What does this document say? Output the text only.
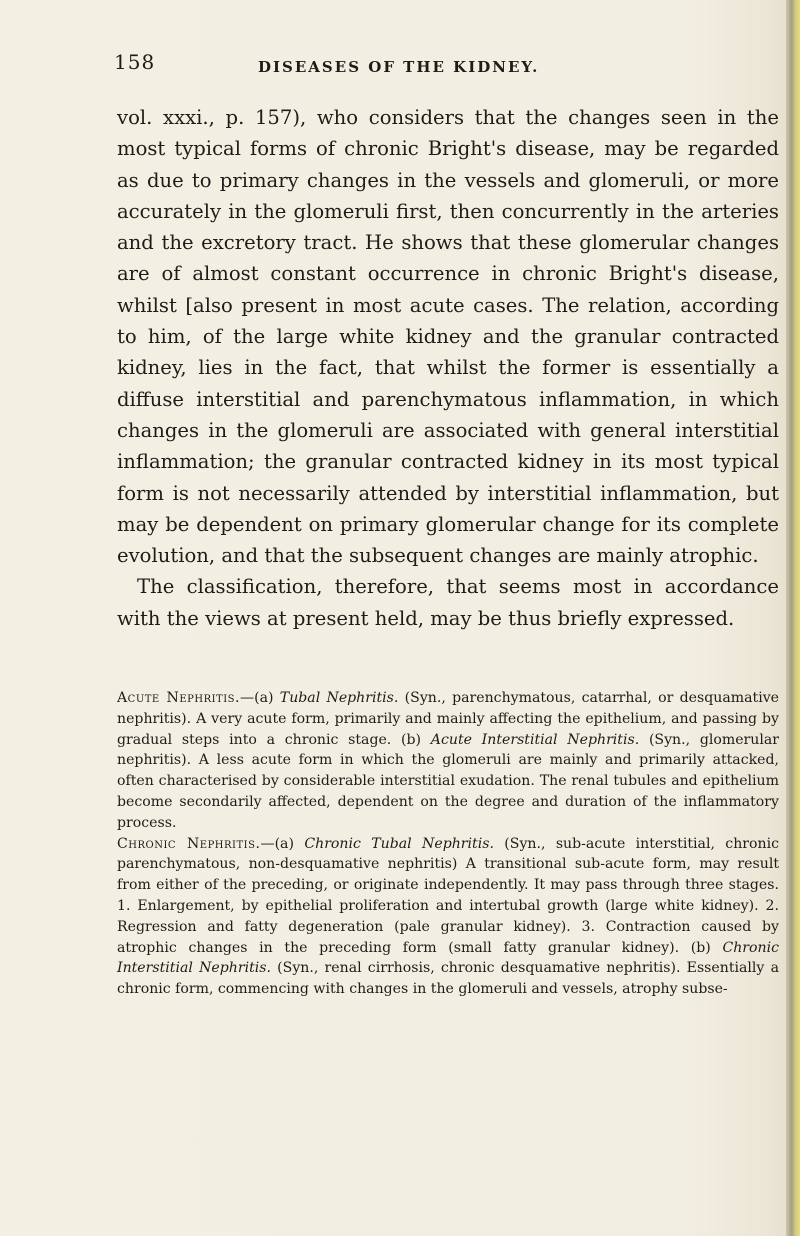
158	DISEASES OF THE KIDNEY.

vol. xxxi., p. 157), who considers that the changes seen in the most typical forms of chronic Bright's disease, may be regarded as due to primary changes in the vessels and glomeruli, or more accurately in the glomeruli first, then concurrently in the arteries and the excretory tract. He shows that these glomerular changes are of almost constant occurrence in chronic Bright's disease, whilst [also present in most acute cases. The relation, according to him, of the large white kidney and the granular contracted kidney, lies in the fact, that whilst the former is essentially a diffuse interstitial and parenchymatous inflammation, in which changes in the glomeruli are associated with general interstitial inflammation; the granular contracted kidney in its most typical form is not necessarily attended by interstitial inflammation, but may be dependent on primary glomerular change for its complete evolution, and that the subsequent changes are mainly atrophic.

The classification, therefore, that seems most in accordance with the views at present held, may be thus briefly expressed.

Acute Nephritis.—(a) Tubal Nephritis. (Syn., parenchymatous, catarrhal, or desquamative nephritis). A very acute form, primarily and mainly affecting the epithelium, and passing by gradual steps into a chronic stage. (b) Acute Interstitial Nephritis. (Syn., glomerular nephritis). A less acute form in which the glomeruli are mainly and primarily attacked, often characterised by considerable interstitial exudation. The renal tubules and epithelium become secondarily affected, dependent on the degree and duration of the inflammatory process.

Chronic Nephritis.—(a) Chronic Tubal Nephritis. (Syn., sub-acute interstitial, chronic parenchymatous, non-desquamative nephritis) A transitional sub-acute form, may result from either of the preceding, or originate independently. It may pass through three stages. 1. Enlargement, by epithelial proliferation and intertubal growth (large white kidney). 2. Regression and fatty degeneration (pale granular kidney). 3. Contraction caused by atrophic changes in the preceding form (small fatty granular kidney). (b) Chronic Interstitial Nephritis. (Syn., renal cirrhosis, chronic desquamative nephritis). Essentially a chronic form, commencing with changes in the glomeruli and vessels, atrophy subse-
